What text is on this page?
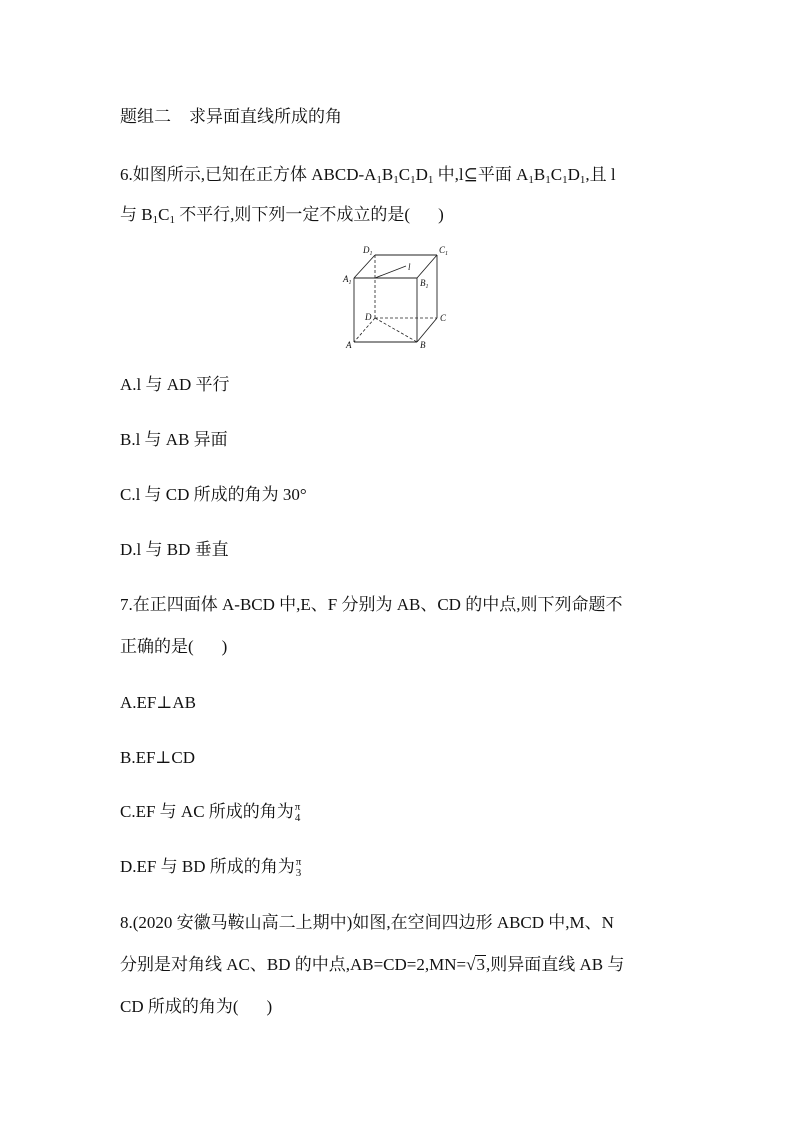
题组二 求异面直线所成的角
6.如图所示,已知在正方体 ABCD-$A_1B_1C_1D_1$ 中,l⊆平面 $A_1B_1C_1D_1$,且 l
与 $B_1C_1$ 不平行,则下列一定不成立的是( )
$D_1$	$C_1$
$A_1$	$B_1$
l
D	C
A	B
A.l 与 AD 平行
B.l 与 AB 异面
C.l 与 CD 所成的角为 30°
D.l 与 BD 垂直
7.在正四面体 A-BCD 中,E、F 分别为 AB、CD 的中点,则下列命题不
正确的是( )
A.EF⊥AB
B.EF⊥CD
C.EF 与 AC 所成的角为 π
4
D.EF 与 BD 所成的角为 π
3
8.(2020 安徽马鞍山高二上期中)如图,在空间四边形 ABCD 中,M、N
分别是对角线 AC、BD 的中点,AB=CD=2,MN=√3,则异面直线 AB 与
CD 所成的角为( )
